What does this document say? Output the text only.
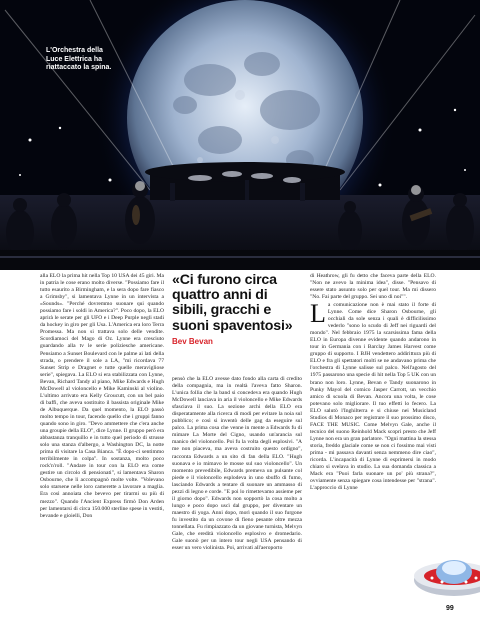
L'Orchestra della
Luce Elettrica ha
riattaccato la spina.

alla ELO la prima hit nella Top 10 USA dei 45 giri. Ma in patria le cose erano molto diverse. "Possiamo fare il tutto esaurito a Birmingham, e la sera dopo fare fiasco a Grimsby", si lamentava Lynne in un intervista a «Sounds». "Perché dovremmo suonare qui quando possiamo fare i soldi in America?". Poco dopo, la ELO aprirà le serate per gli UFO e i Deep Purple negli stadi da hockey in giro per gli Usa. L'America era loro Terra Promessa. Ma non si trattava solo delle vendite. Scordiamoci del Mago di Oz. Lynne era cresciuto guardando alla tv le serie poliziesche americane. Pensiamo a Sunset Boulevard con le palme ai lati della strada, o prendere il sole a LA, "mi ricordava 77 Sunset Strip e Dragnet e tutte quelle meravigliose serie", spiegava. La ELO si era stabilizzata con Lynne, Bevan, Richard Tandy al piano, Mike Edwards e Hugh McDowell al violoncello e Mike Kaminski al violino. L'ultimo arrivato era Kelly Groucutt, con un bel paio di baffi, che aveva sostituito il bassista originale Mike de Albuquerque. Da quel momento, la ELO passò molto tempo in tour, facendo quello che i gruppi fanno quando sono in giro. "Devo ammettere che c'era anche una groupie della ELO", dice Lynne. Il gruppo però era abbastanza tranquillo e in tutto quel periodo di strusse solo una stanza d'albergo, a Washington DC, la notte prima di visitare la Casa Bianca. "È dopo-ci sentimmo terribilmente in colpa". In sostanza, molto poco rock'n'roll. "Andare in tour con la ELO era come gestire un circolo di pensionati", si lamentava Sharon Osbourne, che li accompagnò molte volte. "Volevano solo starsene nelle loro camerette a lavorare a maglia. Era così annoiata che bevevo per tirarmi su più di mezzo". Quando l'Ancient Express firmò Don Arden per lamentarsi di circa 150.000 sterline spese in vestiti, bevande e gioielli, Don

«Ci furono circa quattro anni di sibili, gracchi e suoni spaventosi»
Bev Bevan

pensò che la ELO avesse dato fondo alla carta di credito della compagnia, ma in realtà l'aveva fatto Sharon. L'unica follia che la band si concedeva era quando Hugh McDowell lanciava in aria il violoncello e Mike Edwards sfasciava il suo. La sezione archi della ELO era disperatamente alla ricerca di modi per evitare la noia sul pubblico; e così si inventò delle gag da eseguire sul palco. La prima cosa che venne in mente a Edwards fu di mimare La Morte del Cigno, usando un'arancia sul manico del violoncello. Poi fu la volta degli esplosivi. "A me non piaceva, ma aveva costruito questo ordigno", racconta Edwards a un sito di fan della ELO. "Hugh suonava e io mimavo le mosse sul suo violoncello". Un momento prevedibile, Edwards premeva un pulsante col piede e il violoncello esplodeva in uno sbuffo di fumo, lasciando Edwards a tentare di suonare un ammasso di pezzi di legno e corde. "E poi lo rimettevamo assieme per il giorno dopo". Edwards non sopportò la cosa molto a lungo e poco dopo uscì dal gruppo, per diventare un maestro di yoga. Anni dopo, morì quando il suo furgone fu investito da un covone di fieno pesante oltre mezza tonnellata. Fu rimpiazzato da un giovane turnista, Melvyn Gale, che eredità violoncello esplosivo e dromedario. Gale suonò per un intero tour negli USA pensando di esser un vero violinista. Poi, arrivati all'aeroporto

di Heathrow, gli fu detto che faceva parte della ELO. "Non ne avevo la minima idea", disse. "Pensavo di essere stato assunto solo per quel tour. Ma mi dissero "No. Fai parte del gruppo. Sei uno di noi"".

La comunicazione non è mai stato il forte di Lynne. Come dice Sharon Osbourne, gli occhiali da sole senza i quali è difficilissimo vederlo "sono lo scudo di Jeff nei riguardi del mondo". Nel febbraio 1975 la scarsissima fama della ELO in Europa divenne evidente quando andarono in tour in Germania con i Barclay James Harvest come gruppo di supporto. I BJH vendettero addirittura più di ELO e fra gli spettatori molti se ne andavano prima che l'orchestra di Lynne salisse sul palco. Nell'agosto del 1975 passarono una specie di hit nella Top 5 UK con un brano non loro. Lynne, Bevan e Tandy suonarono in Punky Mayol del comico Jasper Carrott, un vecchio amico di scuola di Bevan. Ancora una volta, le cose potevano solo migliorare. Il tuo effetti lo fecero. La ELO salutò l'Inghilterra e si chiuse nei Musicland Studios di Monaco per registrare il suo prossimo disco, FACE THE MUSIC. Come Melvyn Gale, anche il tecnico del suono Reinhold Mack scoprì presto che Jeff Lynne non era un gran parlatore. "Ogni mattina la stessa storia, freddo glaciale come se non ci fossimo mai visti prima - mi passava davanti senza nemmeno dire ciao", ricorda. L'incapacità di Lynne di esprimersi in modo chiaro si svelava in studio. La sua domanda classica a Mack era "Puoi farla suonare un po' più strana?", ovviamente senza spiegare cosa intendesse per "strana". L'approccio di Lynne

99
